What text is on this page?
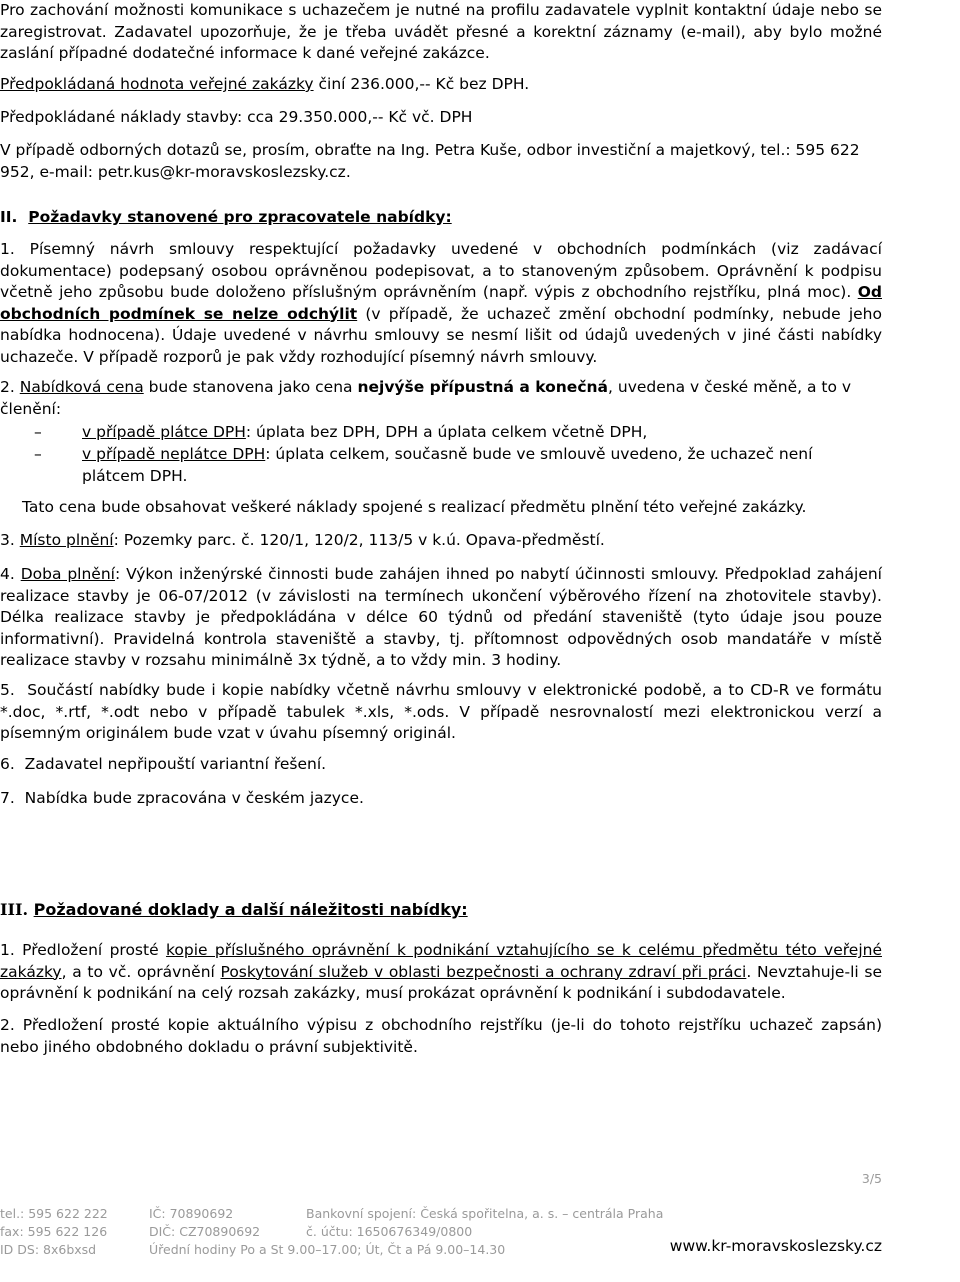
Pro zachování možnosti komunikace s uchazečem je nutné na profilu zadavatele vyplnit kontaktní údaje nebo se zaregistrovat. Zadavatel upozorňuje, že je třeba uvádět přesné a korektní záznamy (e-mail), aby bylo možné zaslání případné dodatečné informace k dané veřejné zakázce.

Předpokládaná hodnota veřejné zakázky činí 236.000,-- Kč bez DPH.

Předpokládané náklady stavby: cca 29.350.000,-- Kč vč. DPH

V případě odborných dotazů se, prosím, obraťte na Ing. Petra Kuše, odbor investiční a majetkový, tel.: 595 622 952, e-mail: petr.kus@kr-moravskoslezsky.cz.

II. Požadavky stanovené pro zpracovatele nabídky:

1. Písemný návrh smlouvy respektující požadavky uvedené v obchodních podmínkách (viz zadávací dokumentace) podepsaný osobou oprávněnou podepisovat, a to stanoveným způsobem. Oprávnění k podpisu včetně jeho způsobu bude doloženo příslušným oprávněním (např. výpis z obchodního rejstříku, plná moc). Od obchodních podmínek se nelze odchýlit (v případě, že uchazeč změní obchodní podmínky, nebude jeho nabídka hodnocena). Údaje uvedené v návrhu smlouvy se nesmí lišit od údajů uvedených v jiné části nabídky uchazeče. V případě rozporů je pak vždy rozhodující písemný návrh smlouvy.

2. Nabídková cena bude stanovena jako cena nejvýše přípustná a konečná, uvedena v české měně, a to v členění:

–	v případě plátce DPH: úplata bez DPH, DPH a úplata celkem včetně DPH,
–	v případě neplátce DPH: úplata celkem, současně bude ve smlouvě uvedeno, že uchazeč není plátcem DPH.

Tato cena bude obsahovat veškeré náklady spojené s realizací předmětu plnění této veřejné zakázky.

3. Místo plnění: Pozemky parc. č. 120/1, 120/2, 113/5 v k.ú. Opava-předměstí.

4. Doba plnění: Výkon inženýrské činnosti bude zahájen ihned po nabytí účinnosti smlouvy. Předpoklad zahájení realizace stavby je 06-07/2012 (v závislosti na termínech ukončení výběrového řízení na zhotovitele stavby). Délka realizace stavby je předpokládána v délce 60 týdnů od předání staveniště (tyto údaje jsou pouze informativní). Pravidelná kontrola staveniště a stavby, tj. přítomnost odpovědných osob mandatáře v místě realizace stavby v rozsahu minimálně 3x týdně, a to vždy min. 3 hodiny.

5. Součástí nabídky bude i kopie nabídky včetně návrhu smlouvy v elektronické podobě, a to CD-R ve formátu *.doc, *.rtf, *.odt nebo v případě tabulek *.xls, *.ods. V případě nesrovnalostí mezi elektronickou verzí a písemným originálem bude vzat v úvahu písemný originál.

6. Zadavatel nepřipouští variantní řešení.

7. Nabídka bude zpracována v českém jazyce.

III. Požadované doklady a další náležitosti nabídky:

1. Předložení prosté kopie příslušného oprávnění k podnikání vztahujícího se k celému předmětu této veřejné zakázky, a to vč. oprávnění Poskytování služeb v oblasti bezpečnosti a ochrany zdraví při práci. Nevztahuje-li se oprávnění k podnikání na celý rozsah zakázky, musí prokázat oprávnění k podnikání i subdodavatele.

2. Předložení prosté kopie aktuálního výpisu z obchodního rejstříku (je-li do tohoto rejstříku uchazeč zapsán) nebo jiného obdobného dokladu o právní subjektivitě.

3/5
tel.: 595 622 222
fax: 595 622 126
ID DS: 8x6bxsd
IČ: 70890692
DIČ: CZ70890692
Úřední hodiny Po a St 9.00–17.00; Út, Čt a Pá 9.00–14.30
Bankovní spojení: Česká spořitelna, a. s. – centrála Praha
č. účtu: 1650676349/0800
www.kr-moravskoslezsky.cz
